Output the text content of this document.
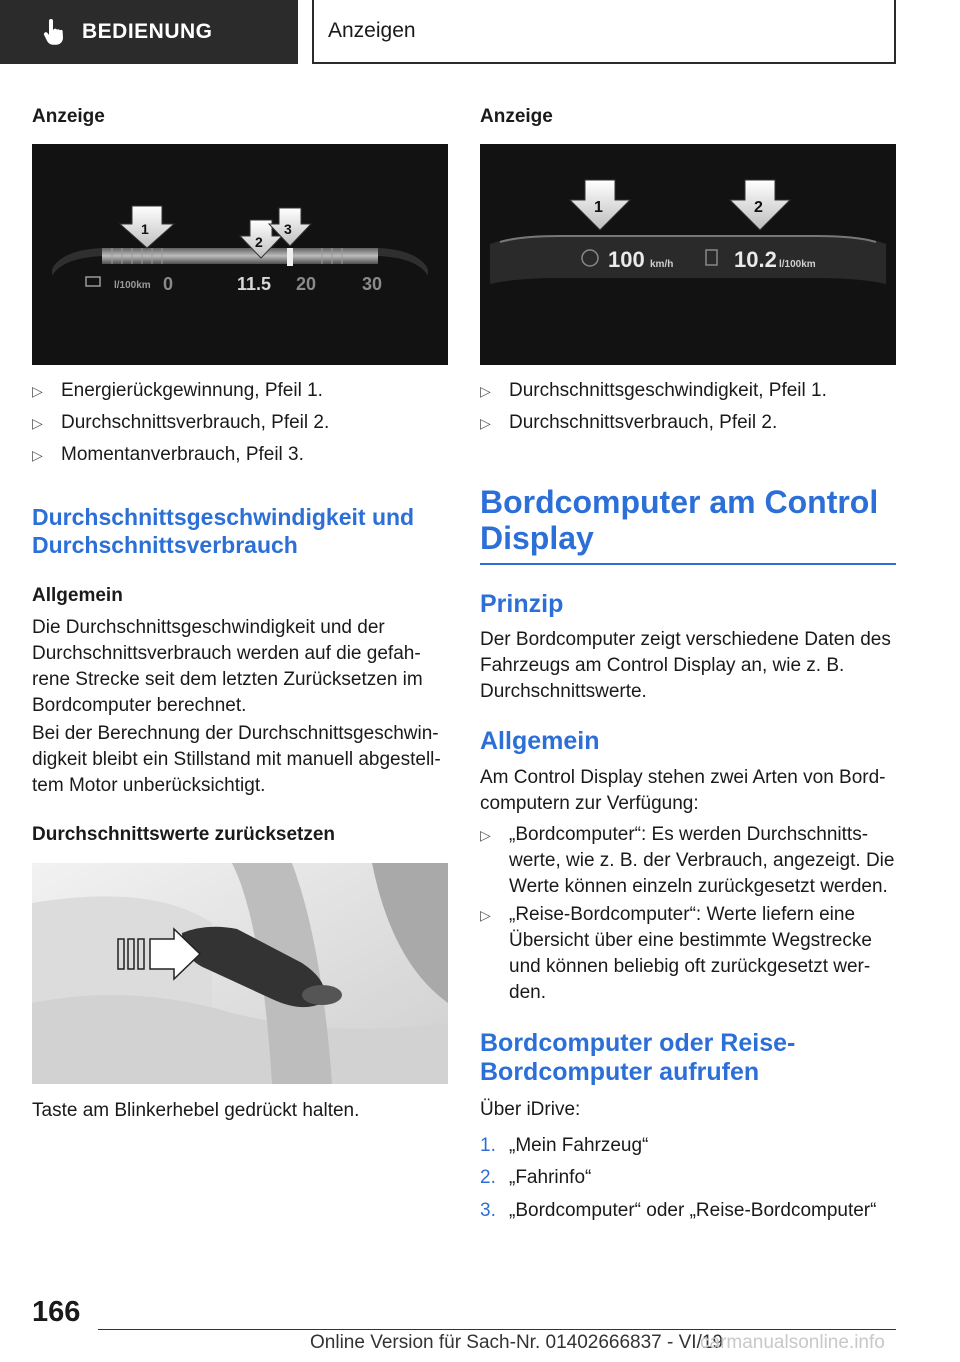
BEDIENUNG	Anzeigen
Anzeige
l/100km 0	11.5 20	30
1
2
3
▷ Energierückgewinnung, Pfeil 1.
▷ Durchschnittsverbrauch, Pfeil 2.
▷ Momentanverbrauch, Pfeil 3.
Durchschnittsgeschwindigkeit und Durchschnittsverbrauch
Allgemein
Die Durchschnittsgeschwindigkeit und der Durchschnittsverbrauch werden auf die gefah-rene Strecke seit dem letzten Zurücksetzen im Bordcomputer berechnet.
Bei der Berechnung der Durchschnittsgeschwin-digkeit bleibt ein Stillstand mit manuell abgestell-tem Motor unberücksichtigt.
Durchschnittswerte zurücksetzen
Taste am Blinkerhebel gedrückt halten.
Anzeige
100 km/h	10.2 l/100km
1	2
▷ Durchschnittsgeschwindigkeit, Pfeil 1.
▷ Durchschnittsverbrauch, Pfeil 2.
Bordcomputer am Control Display
Prinzip
Der Bordcomputer zeigt verschiedene Daten des Fahrzeugs am Control Display an, wie z. B. Durchschnittswerte.
Allgemein
Am Control Display stehen zwei Arten von Bord-computern zur Verfügung:
▷ „Bordcomputer“: Es werden Durchschnitts-werte, wie z. B. der Verbrauch, angezeigt. Die Werte können einzeln zurückgesetzt werden.
▷ „Reise-Bordcomputer“: Werte liefern eine Übersicht über eine bestimmte Wegstrecke und können beliebig oft zurückgesetzt wer-den.
Bordcomputer oder Reise-Bordcomputer aufrufen
Über iDrive:
1. „Mein Fahrzeug“
2. „Fahrinfo“
3. „Bordcomputer“ oder „Reise-Bordcomputer“
166
Online Version für Sach-Nr. 01402666837 - VI/19
carmanualsonline.info
